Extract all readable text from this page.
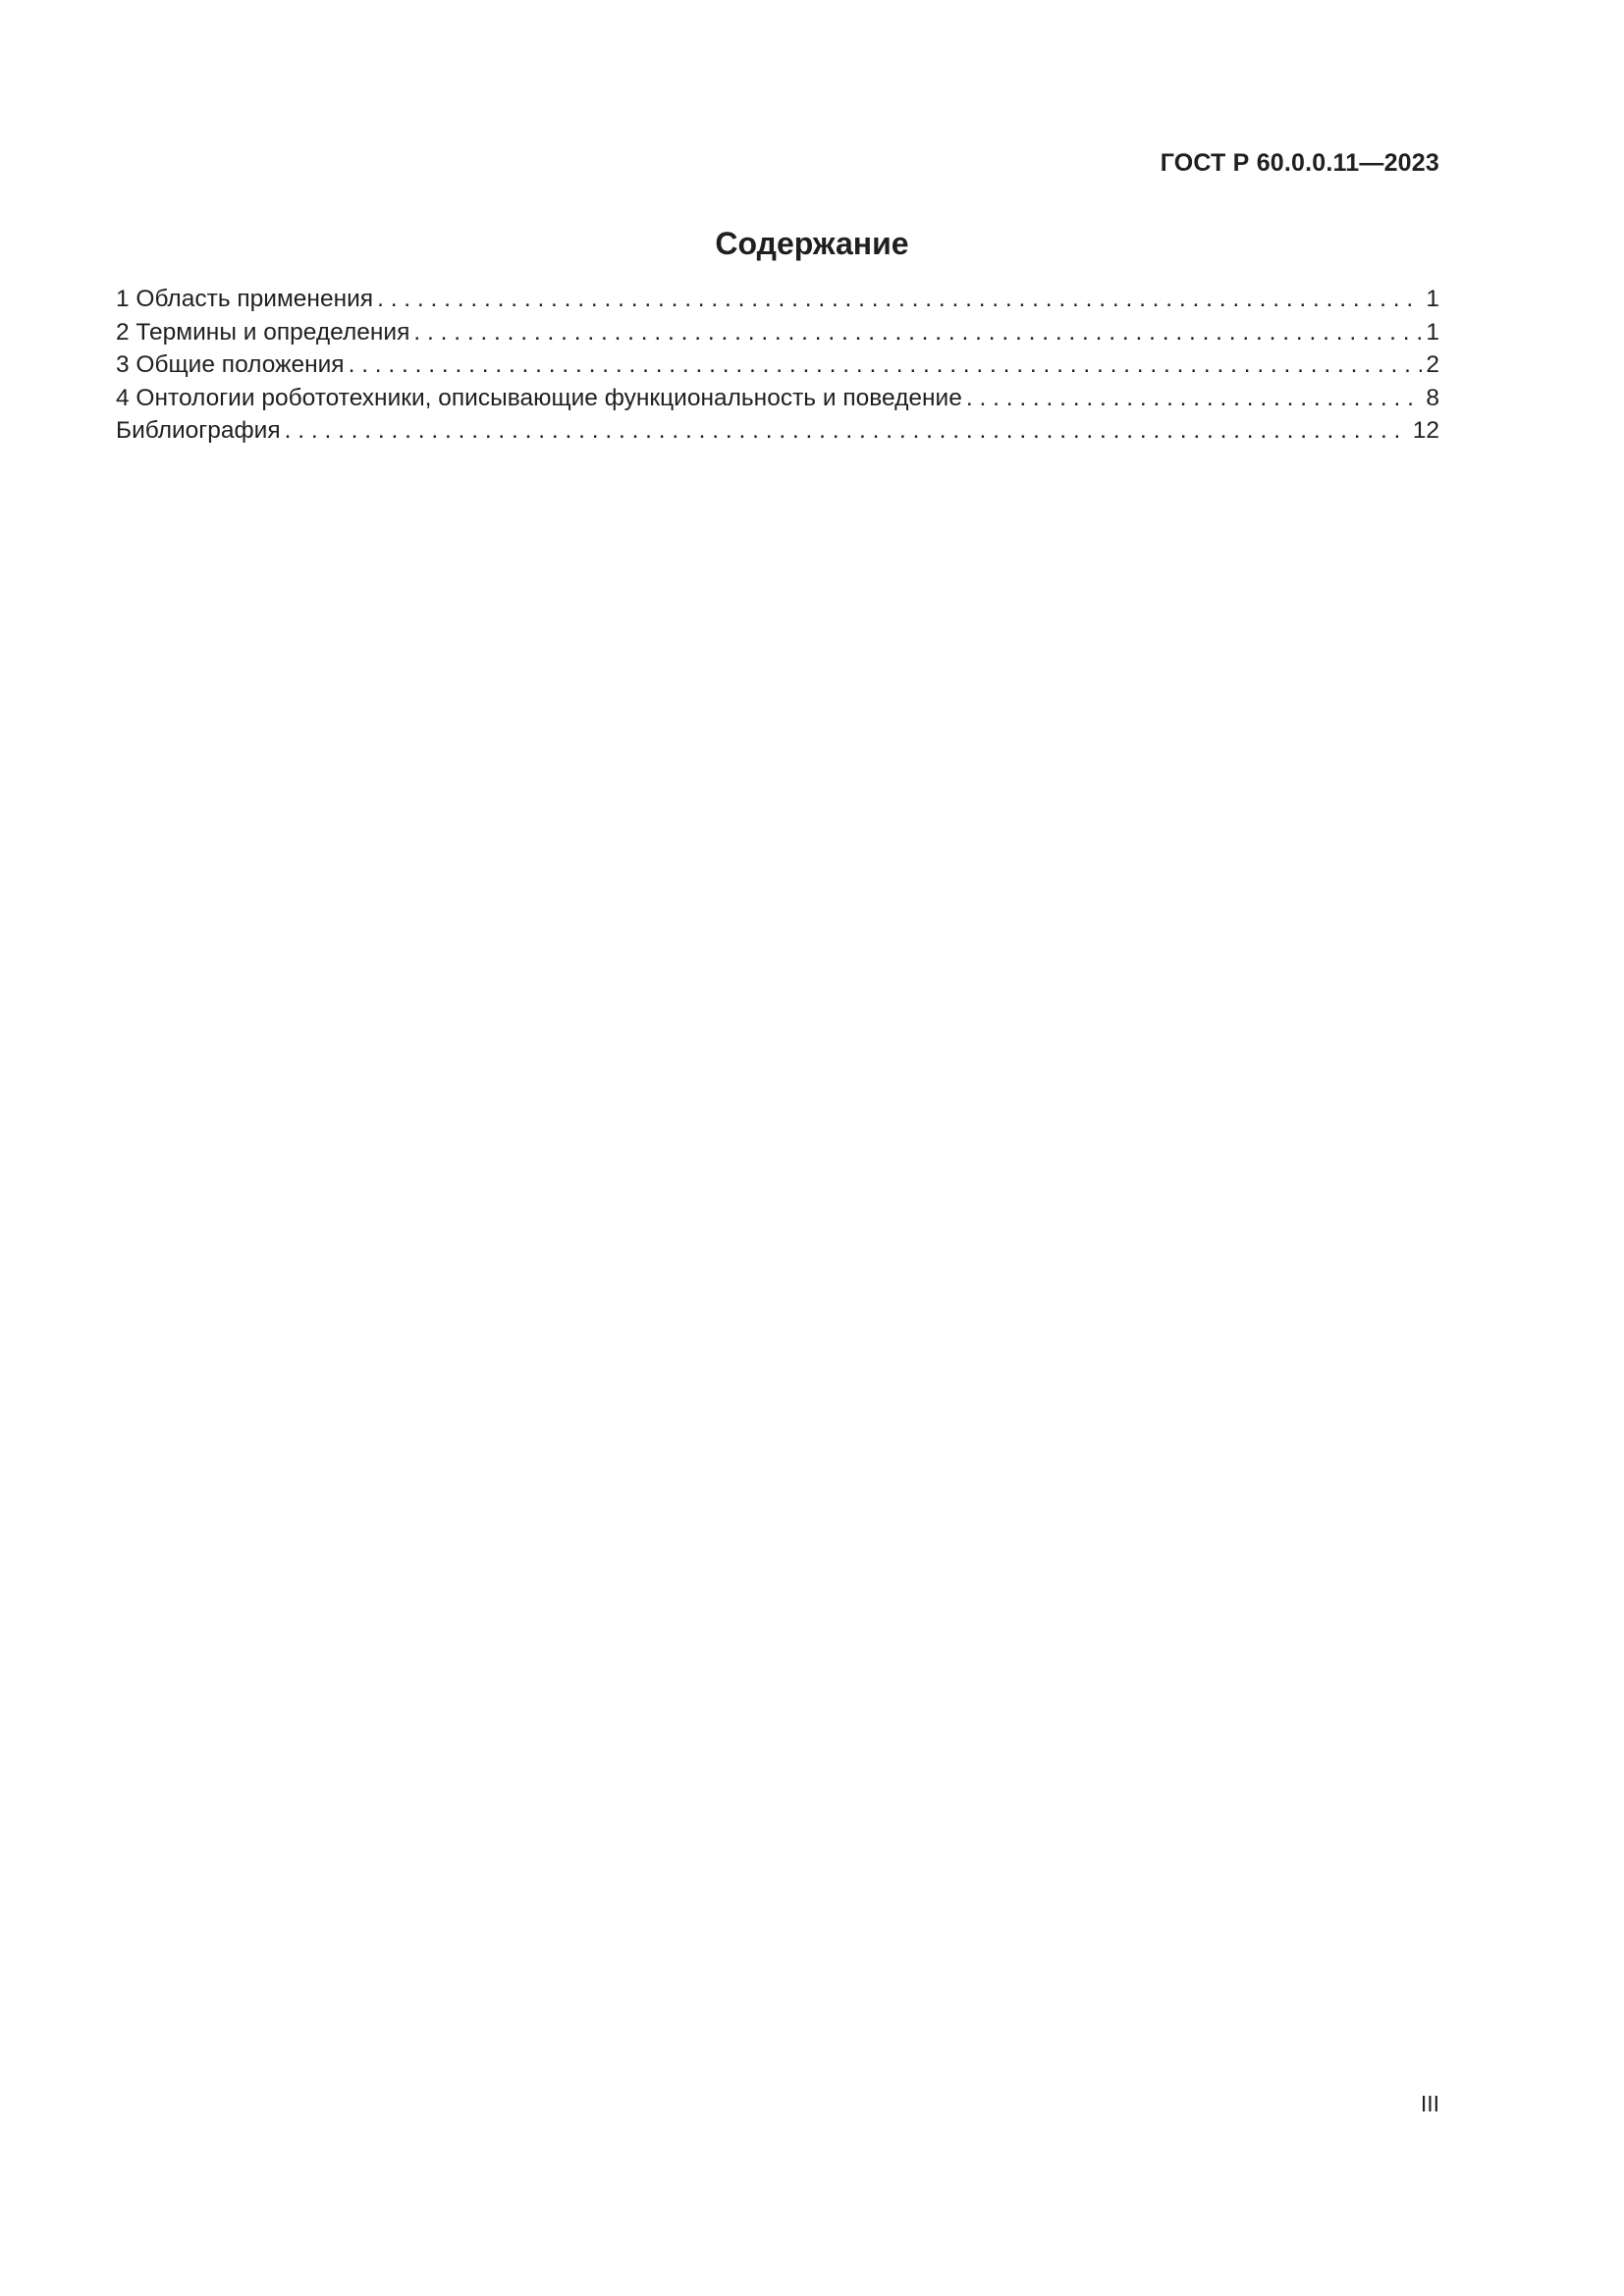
ГОСТ Р 60.0.0.11—2023
Содержание
1 Область применения . . .	1
2 Термины и определения . . .	1
3 Общие положения . . .	2
4 Онтологии робототехники, описывающие функциональность и поведение . . .	8
Библиография . . .	12
III
